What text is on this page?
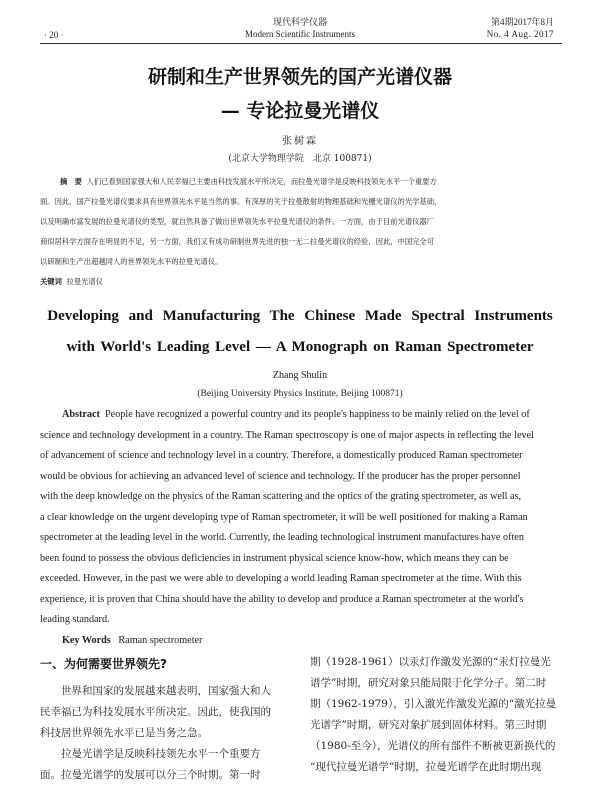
· 20 ·
现代科学仪器
Modern Scientific Instruments
第4期2017年8月
No. 4 Aug. 2017
研制和生产世界领先的国产光谱仪器
— 专论拉曼光谱仪
张树霖
(北京大学物理学院　北京 100871)
摘　要 人们已看到国家强大和人民幸福已主要由科技发展水平所决定，而拉曼光谱学是反映科技领先水平一个重要方
面。因此，国产拉曼光谱仪要求具有世界领先水平是当然的事。有深厚的关于拉曼散射的物理基础和光栅光谱仪的光学基础，
以及明确市富发展的拉曼光谱仪的类型，就自然具备了做出世界领先水平拉曼光谱仪的条件。一方面，由于目前光谱仪器厂
商似居科学方面存在明显的不足，另一方面，我们又有成功研制世界先进的独一无二拉曼光谱仪的经验，因此，中国完全可
以研制和生产出超越同人的世界领先水平的拉曼光谱仪。
关键词 拉曼光谱仪
Developing and Manufacturing The Chinese Made Spectral Instruments
with World's Leading Level — A Monograph on Raman Spectrometer
Zhang Shulin
(Beijing University Physics Institute, Beijing 100871)
Abstract People have recognized a powerful country and its people's happiness to be mainly relied on the level of
science and technology development in a country. The Raman spectroscopy is one of major aspects in reflecting the level
of advancement of science and technology level in a country. Therefore, a domestically produced Raman spectrometer
would be obvious for achieving an advanced level of science and technology. If the producer has the proper personnel
with the deep knowledge on the physics of the Raman scattering and the optics of the grating spectrometer, as well as,
a clear knowledge on the urgent developing type of Raman spectrometer, it will be well positioned for making a Raman
spectrometer at the leading level in the world. Currently, the leading technological instrument manufactures have often
been found to possess the obvious deficiencies in instrument physical science know-how, which means they can be
exceeded. However, in the past we were able to developing a world leading Raman spectrometer at the time. With this
experience, it is proven that China should have the ability to develop and produce a Raman spectrometer at the world's
leading standard.
Key Words Raman spectrometer
一、为何需要世界领先?
世界和国家的发展越来越表明，国家强大和人
民幸福已为科技发展水平所决定。因此，使我国的
科技居世界领先水平已是当务之急。
拉曼光谱学是反映科技领先水平一个重要方
面。拉曼光谱学的发展可以分三个时期。第一时
期（1928-1961）以汞灯作激发光源的“汞灯拉曼光
谱学”时期，研究对象只能局限于化学分子。第二时
期（1962-1979），引入激光作激发光源的“激光拉曼
光谱学”时期，研究对象扩展到固体材料。第三时期
（1980-至今），光谱仪的所有部件不断被更新换代的
“现代拉曼光谱学”时期，拉曼光谱学在此时期出现
